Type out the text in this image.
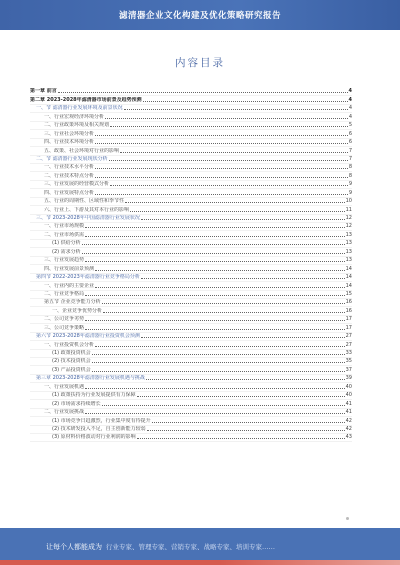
滤清器企业文化构建及优化策略研究报告
内容目录
第一章 前言	4
第二章 2023-2028年滤清器市场前景及趋势预测	4
一、节 滤清器行业发展环境及前景状况	4
一、行业宏观经济环境分析	4
二、行业政策环境及相关规划	5
三、行业社会环境分析	6
四、行业技术环境分析	6
五、政策、社会环境对行业的影响	7
二、节 滤清器行业发展现状分析	7
一、行业技术水平分析	8
二、行业技术特点分析	8
三、行业发展的经营模式分析	9
四、行业发展特点分析	9
五、行业的周期性、区域性和季节性	10
六、行业上、下游及其对本行业的影响	11
三、节 2023-2028年中国滤清器行业发展状况	12
一、行业市场规模	12
二、行业市场供需	13
(1) 供给分析	13
(2) 需求分析	13
三、行业发展趋势	13
四、行业发展前景预测	14
第四节 2022-2023年滤清器行业竞争格局分析	14
一、行业内的主要企业	14
二、行业竞争格局	15
第五节 企业竞争能力分析	16
一、企业竞争优势分析	16
二、公司竞争劣势	17
三、公司竞争策略	17
第六节 2023-2028年滤清器行业投资机会预测	27
一、行业投资机会分析	27
(1) 政策投资机会	33
(2) 技术投资机会	35
(3) 产品投资机会	37
第三章 2023-2028年滤清器行业发展机遇与挑战	39
一、行业发展机遇	40
(1) 政策扶持为行业发展提供有力保障	40
(2) 市场需求持续增长	41
二、行业发展挑战	41
(1) 市场竞争日趋激烈，行业集中度有待提升	42
(2) 技术研发投入不足，自主创新能力较弱	42
(3) 原材料价格波动对行业利润的影响	43
让每个人都能成为 行业专家、管理专家、营销专家、战略专家、培训专家……
